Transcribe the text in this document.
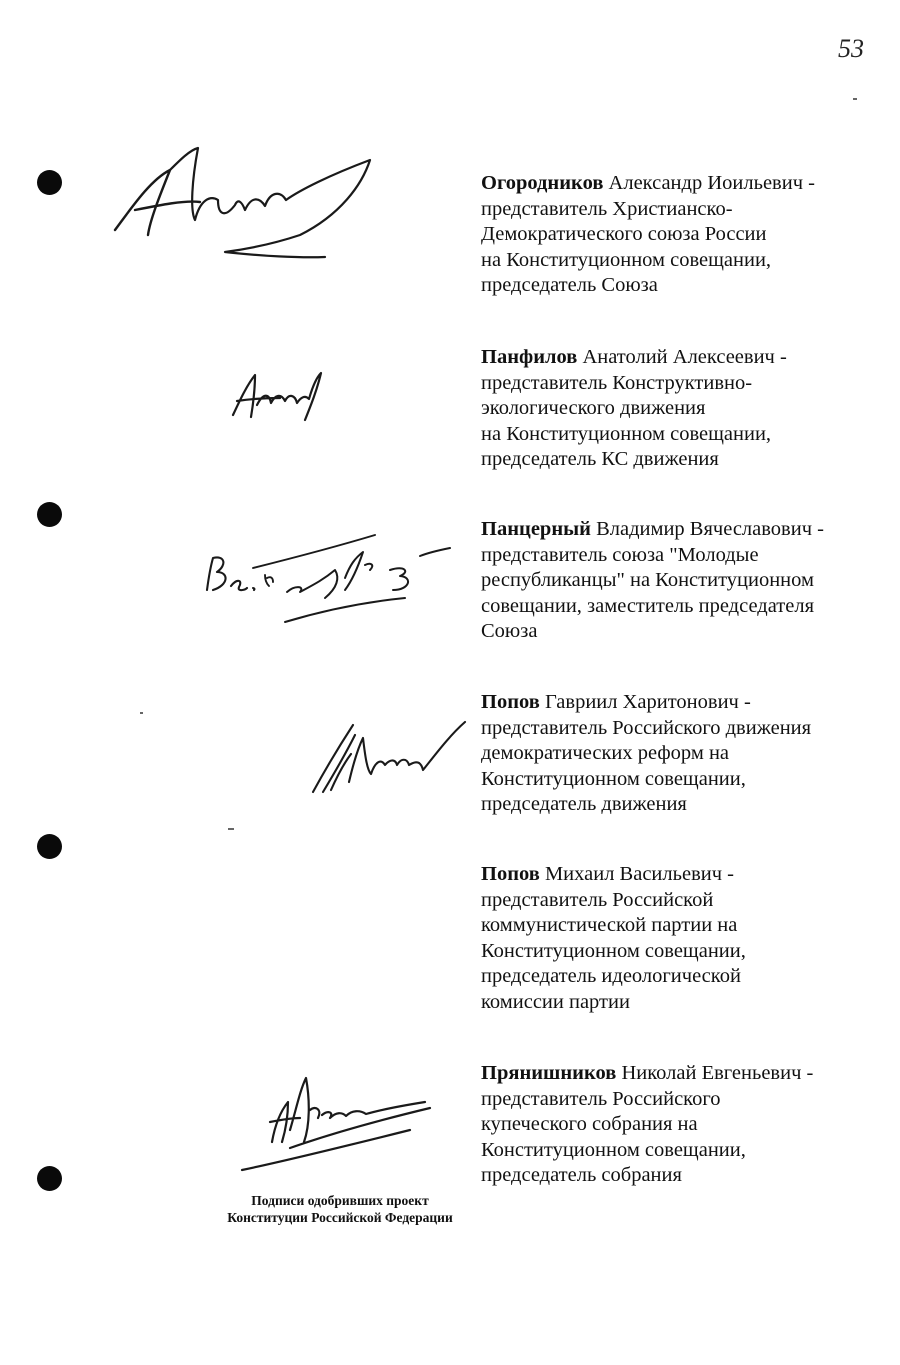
53
Огородников Александр Иоильевич -
представитель Христианско-
Демократического союза России
на Конституционном совещании,
председатель Союза
Панфилов Анатолий Алексеевич -
представитель Конструктивно-
экологического движения
на Конституционном совещании,
председатель КС движения
Панцерный Владимир Вячеславович -
представитель союза "Молодые
республиканцы" на Конституционном
совещании, заместитель председателя
Союза
Попов Гавриил Харитонович -
представитель Российского движения
демократических реформ на
Конституционном совещании,
председатель движения
Попов Михаил Васильевич -
представитель Российской
коммунистической партии на
Конституционном совещании,
председатель идеологической
комиссии партии
Прянишников Николай Евгеньевич -
представитель Российского
купеческого собрания на
Конституционном совещании,
председатель собрания
Подписи одобривших проект
Конституции Российской Федерации
